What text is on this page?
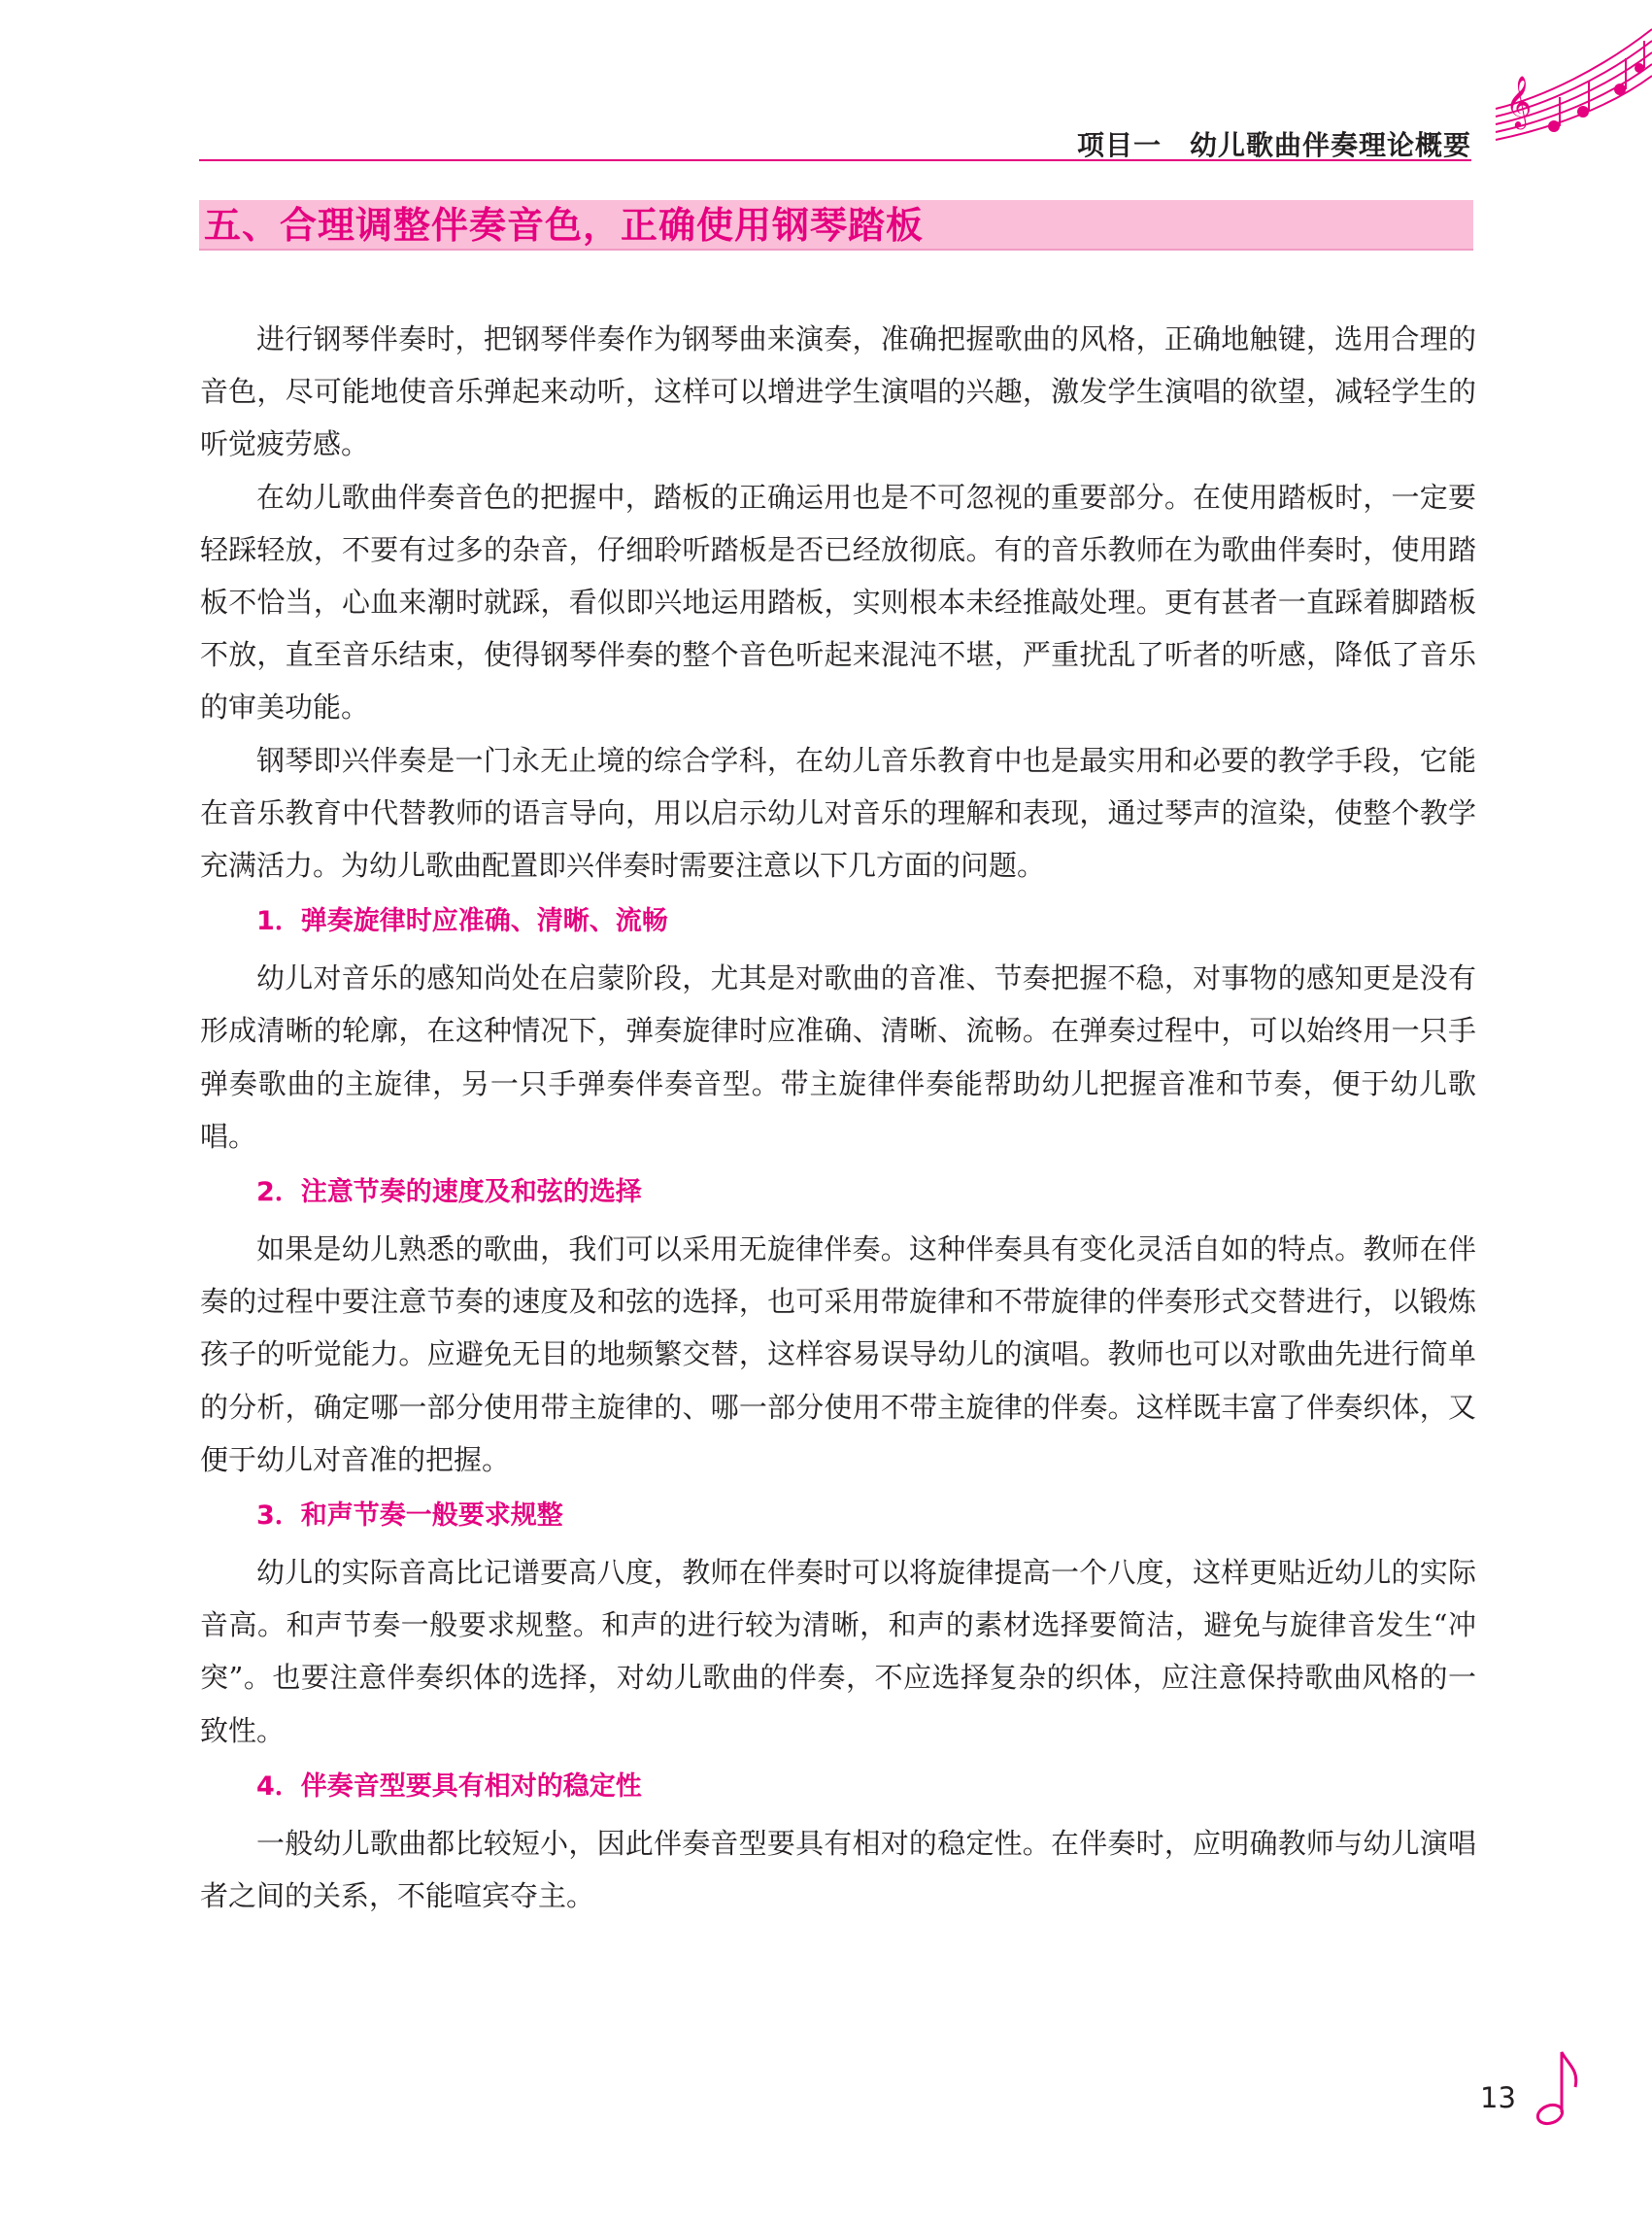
𝄞
项目一　幼儿歌曲伴奏理论概要
五、合理调整伴奏音色，正确使用钢琴踏板

进行钢琴伴奏时，把钢琴伴奏作为钢琴曲来演奏，准确把握歌曲的风格，正确地触键，选用合理的音色，尽可能地使音乐弹起来动听，这样可以增进学生演唱的兴趣，激发学生演唱的欲望，减轻学生的听觉疲劳感。

在幼儿歌曲伴奏音色的把握中，踏板的正确运用也是不可忽视的重要部分。在使用踏板时，一定要轻踩轻放，不要有过多的杂音，仔细聆听踏板是否已经放彻底。有的音乐教师在为歌曲伴奏时，使用踏板不恰当，心血来潮时就踩，看似即兴地运用踏板，实则根本未经推敲处理。更有甚者一直踩着脚踏板不放，直至音乐结束，使得钢琴伴奏的整个音色听起来混沌不堪，严重扰乱了听者的听感，降低了音乐的审美功能。

钢琴即兴伴奏是一门永无止境的综合学科，在幼儿音乐教育中也是最实用和必要的教学手段，它能在音乐教育中代替教师的语言导向，用以启示幼儿对音乐的理解和表现，通过琴声的渲染，使整个教学充满活力。为幼儿歌曲配置即兴伴奏时需要注意以下几方面的问题。

1．弹奏旋律时应准确、清晰、流畅

幼儿对音乐的感知尚处在启蒙阶段，尤其是对歌曲的音准、节奏把握不稳，对事物的感知更是没有形成清晰的轮廓，在这种情况下，弹奏旋律时应准确、清晰、流畅。在弹奏过程中，可以始终用一只手弹奏歌曲的主旋律，另一只手弹奏伴奏音型。带主旋律伴奏能帮助幼儿把握音准和节奏，便于幼儿歌唱。

2．注意节奏的速度及和弦的选择

如果是幼儿熟悉的歌曲，我们可以采用无旋律伴奏。这种伴奏具有变化灵活自如的特点。教师在伴奏的过程中要注意节奏的速度及和弦的选择，也可采用带旋律和不带旋律的伴奏形式交替进行，以锻炼孩子的听觉能力。应避免无目的地频繁交替，这样容易误导幼儿的演唱。教师也可以对歌曲先进行简单的分析，确定哪一部分使用带主旋律的、哪一部分使用不带主旋律的伴奏。这样既丰富了伴奏织体，又便于幼儿对音准的把握。

3．和声节奏一般要求规整

幼儿的实际音高比记谱要高八度，教师在伴奏时可以将旋律提高一个八度，这样更贴近幼儿的实际音高。和声节奏一般要求规整。和声的进行较为清晰，和声的素材选择要简洁，避免与旋律音发生“冲突”。也要注意伴奏织体的选择，对幼儿歌曲的伴奏，不应选择复杂的织体，应注意保持歌曲风格的一致性。

4．伴奏音型要具有相对的稳定性

一般幼儿歌曲都比较短小，因此伴奏音型要具有相对的稳定性。在伴奏时，应明确教师与幼儿演唱者之间的关系，不能喧宾夺主。

13
